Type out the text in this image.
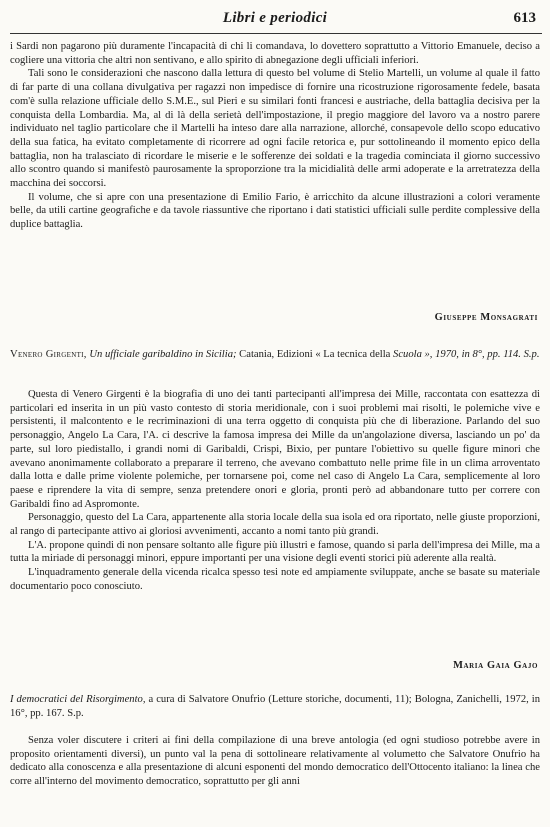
Libri e periodici	613

i Sardi non pagarono più duramente l'incapacità di chi li comandava, lo dovettero soprattutto a Vittorio Emanuele, deciso a cogliere una vittoria che altri non sentivano, e allo spirito di abnegazione degli ufficiali inferiori.

Tali sono le considerazioni che nascono dalla lettura di questo bel volume di Stelio Martelli, un volume al quale il fatto di far parte di una collana divulgativa per ragazzi non impedisce di fornire una ricostruzione rigorosamente fedele, basata com'è sulla relazione ufficiale dello S.M.E., sul Pieri e su similari fonti francesi e austriache, della battaglia decisiva per la conquista della Lombardia. Ma, al di là della serietà dell'impostazione, il pregio maggiore del lavoro va a nostro parere individuato nel taglio particolare che il Martelli ha inteso dare alla narrazione, allorché, consapevole dello scopo educativo della sua fatica, ha evitato completamente di ricorrere ad ogni facile retorica e, pur sottolineando il momento epico della battaglia, non ha tralasciato di ricordare le miserie e le sofferenze dei soldati e la tragedia cominciata il giorno successivo allo scontro quando si manifestò paurosamente la sproporzione tra la micidialità delle armi adoperate e la arretratezza della macchina dei soccorsi.

Il volume, che si apre con una presentazione di Emilio Fario, è arricchito da alcune illustrazioni a colori veramente belle, da utili cartine geografiche e da tavole riassuntive che riportano i dati statistici ufficiali sulle perdite complessive della duplice battaglia.

Giuseppe Monsagrati
Venero Girgenti, Un ufficiale garibaldino in Sicilia; Catania, Edizioni « La tecnica della Scuola », 1970, in 8°, pp. 114. S.p.

Questa di Venero Girgenti è la biografia di uno dei tanti partecipanti all'impresa dei Mille, raccontata con esattezza di particolari ed inserita in un più vasto contesto di storia meridionale, con i suoi problemi mai risolti, le polemiche vive e persistenti, il malcontento e le recriminazioni di una terra oggetto di conquista più che di liberazione. Parlando del suo personaggio, Angelo La Cara, l'A. ci descrive la famosa impresa dei Mille da un'angolazione diversa, lasciando un po' da parte, sul loro piedistallo, i grandi nomi di Garibaldi, Crispi, Bixio, per puntare l'obiettivo su quelle figure minori che avevano anonimamente collaborato a preparare il terreno, che avevano combattuto nelle prime file in un clima arroventato dalla lotta e dalle prime violente polemiche, per tornarsene poi, come nel caso di Angelo La Cara, semplicemente al loro paese e riprendere la vita di sempre, senza pretendere onori e gloria, pronti però ad abbandonare tutto per correre con Garibaldi fino ad Aspromonte.

Personaggio, questo del La Cara, appartenente alla storia locale della sua isola ed ora riportato, nelle giuste proporzioni, al rango di partecipante attivo ai gloriosi avvenimenti, accanto a nomi tanto più grandi.

L'A. propone quindi di non pensare soltanto alle figure più illustri e famose, quando si parla dell'impresa dei Mille, ma a tutta la miriade di personaggi minori, eppure importanti per una visione degli eventi storici più aderente alla realtà.

L'inquadramento generale della vicenda ricalca spesso tesi note ed ampiamente sviluppate, anche se basate su materiale documentario poco conosciuto.

Maria Gaia Gajo
I democratici del Risorgimento, a cura di Salvatore Onufrio (Letture storiche, documenti, 11); Bologna, Zanichelli, 1972, in 16°, pp. 167. S.p.

Senza voler discutere i criteri ai fini della compilazione di una breve antologia (ed ogni studioso potrebbe avere in proposito orientamenti diversi), un punto val la pena di sottolineare relativamente al volumetto che Salvatore Onufrio ha dedicato alla conoscenza e alla presentazione di alcuni esponenti del mondo democratico dell'Ottocento italiano: la linea che corre all'interno del movimento democratico, soprattutto per gli anni
